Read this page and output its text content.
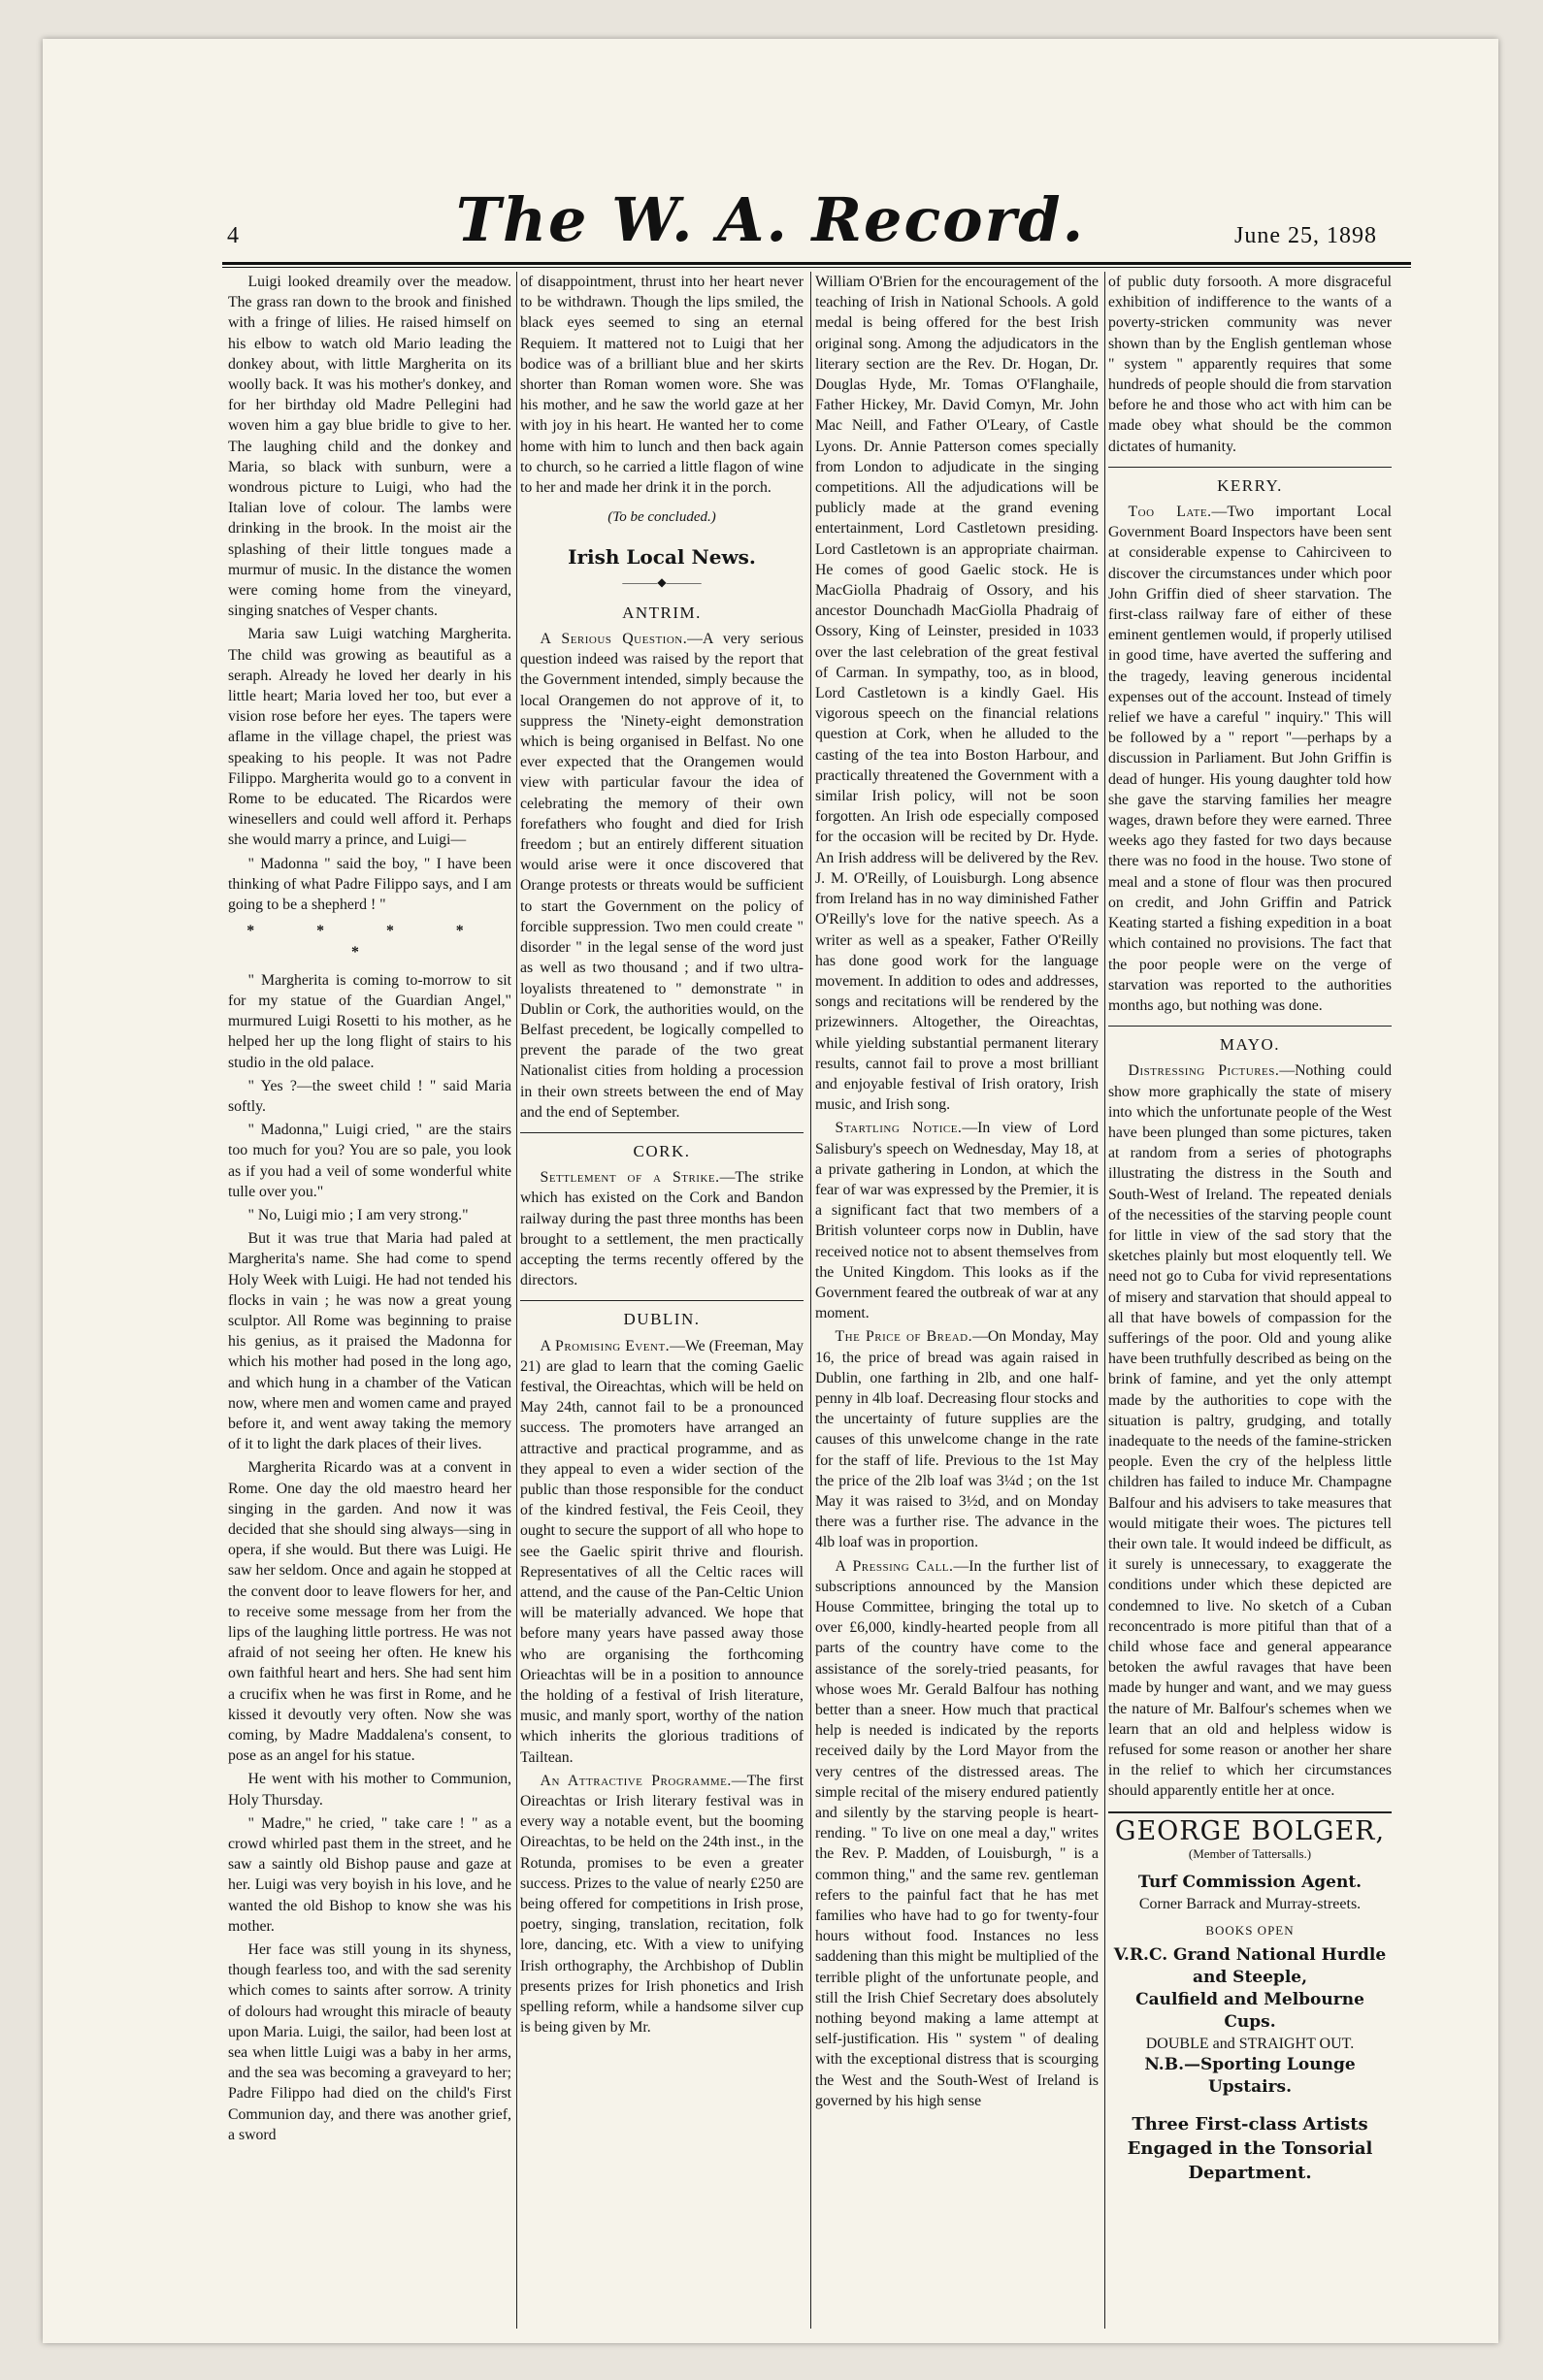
4	The W. A. Record.	June 25, 1898

Luigi looked dreamily over the meadow. The grass ran down to the brook and finished with a fringe of lilies. He raised himself on his elbow to watch old Mario leading the donkey about, with little Margherita on its woolly back. It was his mother's donkey, and for her birthday old Madre Pellegini had woven him a gay blue bridle to give to her. The laughing child and the donkey and Maria, so black with sunburn, were a wondrous picture to Luigi, who had the Italian love of colour. The lambs were drinking in the brook. In the moist air the splashing of their little tongues made a murmur of music. In the distance the women were coming home from the vineyard, singing snatches of Vesper chants.

Maria saw Luigi watching Margherita. The child was growing as beautiful as a seraph. Already he loved her dearly in his little heart; Maria loved her too, but ever a vision rose before her eyes. The tapers were aflame in the village chapel, the priest was speaking to his people. It was not Padre Filippo. Margherita would go to a convent in Rome to be educated. The Ricardos were winesellers and could well afford it. Perhaps she would marry a prince, and Luigi—

" Madonna " said the boy, " I have been thinking of what Padre Filippo says, and I am going to be a shepherd ! "

* * * * *

" Margherita is coming to-morrow to sit for my statue of the Guardian Angel," murmured Luigi Rosetti to his mother, as he helped her up the long flight of stairs to his studio in the old palace.

" Yes ?—the sweet child ! " said Maria softly.

" Madonna," Luigi cried, " are the stairs too much for you? You are so pale, you look as if you had a veil of some wonderful white tulle over you."

" No, Luigi mio ; I am very strong."

But it was true that Maria had paled at Margherita's name. She had come to spend Holy Week with Luigi. He had not tended his flocks in vain ; he was now a great young sculptor. All Rome was beginning to praise his genius, as it praised the Madonna for which his mother had posed in the long ago, and which hung in a chamber of the Vatican now, where men and women came and prayed before it, and went away taking the memory of it to light the dark places of their lives.

Margherita Ricardo was at a convent in Rome. One day the old maestro heard her singing in the garden. And now it was decided that she should sing always—sing in opera, if she would. But there was Luigi. He saw her seldom. Once and again he stopped at the convent door to leave flowers for her, and to receive some message from her from the lips of the laughing little portress. He was not afraid of not seeing her often. He knew his own faithful heart and hers. She had sent him a crucifix when he was first in Rome, and he kissed it devoutly very often. Now she was coming, by Madre Maddalena's consent, to pose as an angel for his statue.

He went with his mother to Communion, Holy Thursday.

" Madre," he cried, " take care ! " as a crowd whirled past them in the street, and he saw a saintly old Bishop pause and gaze at her. Luigi was very boyish in his love, and he wanted the old Bishop to know she was his mother.

Her face was still young in its shyness, though fearless too, and with the sad serenity which comes to saints after sorrow. A trinity of dolours had wrought this miracle of beauty upon Maria. Luigi, the sailor, had been lost at sea when little Luigi was a baby in her arms, and the sea was becoming a graveyard to her; Padre Filippo had died on the child's First Communion day, and there was another grief, a sword

of disappointment, thrust into her heart never to be withdrawn. Though the lips smiled, the black eyes seemed to sing an eternal Requiem. It mattered not to Luigi that her bodice was of a brilliant blue and her skirts shorter than Roman women wore. She was his mother, and he saw the world gaze at her with joy in his heart. He wanted her to come home with him to lunch and then back again to church, so he carried a little flagon of wine to her and made her drink it in the porch.

(To be concluded.)
Irish Local News.
———◆———
ANTRIM.

A Serious Question.—A very serious question indeed was raised by the report that the Government intended, simply because the local Orangemen do not approve of it, to suppress the 'Ninety-eight demonstration which is being organised in Belfast. No one ever expected that the Orangemen would view with particular favour the idea of celebrating the memory of their own forefathers who fought and died for Irish freedom ; but an entirely different situation would arise were it once discovered that Orange protests or threats would be sufficient to start the Government on the policy of forcible suppression. Two men could create " disorder " in the legal sense of the word just as well as two thousand ; and if two ultra-loyalists threatened to " demonstrate " in Dublin or Cork, the authorities would, on the Belfast precedent, be logically compelled to prevent the parade of the two great Nationalist cities from holding a procession in their own streets between the end of May and the end of September.

CORK.

Settlement of a Strike.—The strike which has existed on the Cork and Bandon railway during the past three months has been brought to a settlement, the men practically accepting the terms recently offered by the directors.

DUBLIN.

A Promising Event.—We (Freeman, May 21) are glad to learn that the coming Gaelic festival, the Oireachtas, which will be held on May 24th, cannot fail to be a pronounced success. The promoters have arranged an attractive and practical programme, and as they appeal to even a wider section of the public than those responsible for the conduct of the kindred festival, the Feis Ceoil, they ought to secure the support of all who hope to see the Gaelic spirit thrive and flourish. Representatives of all the Celtic races will attend, and the cause of the Pan-Celtic Union will be materially advanced. We hope that before many years have passed away those who are organising the forthcoming Orieachtas will be in a position to announce the holding of a festival of Irish literature, music, and manly sport, worthy of the nation which inherits the glorious traditions of Tailtean.

An Attractive Programme.—The first Oireachtas or Irish literary festival was in every way a notable event, but the booming Oireachtas, to be held on the 24th inst., in the Rotunda, promises to be even a greater success. Prizes to the value of nearly £250 are being offered for competitions in Irish prose, poetry, singing, translation, recitation, folk lore, dancing, etc. With a view to unifying Irish orthography, the Archbishop of Dublin presents prizes for Irish phonetics and Irish spelling reform, while a handsome silver cup is being given by Mr.

William O'Brien for the encouragement of the teaching of Irish in National Schools. A gold medal is being offered for the best Irish original song. Among the adjudicators in the literary section are the Rev. Dr. Hogan, Dr. Douglas Hyde, Mr. Tomas O'Flanghaile, Father Hickey, Mr. David Comyn, Mr. John Mac Neill, and Father O'Leary, of Castle Lyons. Dr. Annie Patterson comes specially from London to adjudicate in the singing competitions. All the adjudications will be publicly made at the grand evening entertainment, Lord Castletown presiding. Lord Castletown is an appropriate chairman. He comes of good Gaelic stock. He is MacGiolla Phadraig of Ossory, and his ancestor Dounchadh MacGiolla Phadraig of Ossory, King of Leinster, presided in 1033 over the last celebration of the great festival of Carman. In sympathy, too, as in blood, Lord Castletown is a kindly Gael. His vigorous speech on the financial relations question at Cork, when he alluded to the casting of the tea into Boston Harbour, and practically threatened the Government with a similar Irish policy, will not be soon forgotten. An Irish ode especially composed for the occasion will be recited by Dr. Hyde. An Irish address will be delivered by the Rev. J. M. O'Reilly, of Louisburgh. Long absence from Ireland has in no way diminished Father O'Reilly's love for the native speech. As a writer as well as a speaker, Father O'Reilly has done good work for the language movement. In addition to odes and addresses, songs and recitations will be rendered by the prizewinners. Altogether, the Oireachtas, while yielding substantial permanent literary results, cannot fail to prove a most brilliant and enjoyable festival of Irish oratory, Irish music, and Irish song.

Startling Notice.—In view of Lord Salisbury's speech on Wednesday, May 18, at a private gathering in London, at which the fear of war was expressed by the Premier, it is a significant fact that two members of a British volunteer corps now in Dublin, have received notice not to absent themselves from the United Kingdom. This looks as if the Government feared the outbreak of war at any moment.

The Price of Bread.—On Monday, May 16, the price of bread was again raised in Dublin, one farthing in 2lb, and one half-penny in 4lb loaf. Decreasing flour stocks and the uncertainty of future supplies are the causes of this unwelcome change in the rate for the staff of life. Previous to the 1st May the price of the 2lb loaf was 3¼d ; on the 1st May it was raised to 3½d, and on Monday there was a further rise. The advance in the 4lb loaf was in proportion.

A Pressing Call.—In the further list of subscriptions announced by the Mansion House Committee, bringing the total up to over £6,000, kindly-hearted people from all parts of the country have come to the assistance of the sorely-tried peasants, for whose woes Mr. Gerald Balfour has nothing better than a sneer. How much that practical help is needed is indicated by the reports received daily by the Lord Mayor from the very centres of the distressed areas. The simple recital of the misery endured patiently and silently by the starving people is heart-rending. " To live on one meal a day," writes the Rev. P. Madden, of Louisburgh, " is a common thing," and the same rev. gentleman refers to the painful fact that he has met families who have had to go for twenty-four hours without food. Instances no less saddening than this might be multiplied of the terrible plight of the unfortunate people, and still the Irish Chief Secretary does absolutely nothing beyond making a lame attempt at self-justification. His " system " of dealing with the exceptional distress that is scourging the West and the South-West of Ireland is governed by his high sense

of public duty forsooth. A more disgraceful exhibition of indifference to the wants of a poverty-stricken community was never shown than by the English gentleman whose " system " apparently requires that some hundreds of people should die from starvation before he and those who act with him can be made obey what should be the common dictates of humanity.

KERRY.

Too Late.—Two important Local Government Board Inspectors have been sent at considerable expense to Cahirciveen to discover the circumstances under which poor John Griffin died of sheer starvation. The first-class railway fare of either of these eminent gentlemen would, if properly utilised in good time, have averted the suffering and the tragedy, leaving generous incidental expenses out of the account. Instead of timely relief we have a careful " inquiry." This will be followed by a " report "—perhaps by a discussion in Parliament. But John Griffin is dead of hunger. His young daughter told how she gave the starving families her meagre wages, drawn before they were earned. Three weeks ago they fasted for two days because there was no food in the house. Two stone of meal and a stone of flour was then procured on credit, and John Griffin and Patrick Keating started a fishing expedition in a boat which contained no provisions. The fact that the poor people were on the verge of starvation was reported to the authorities months ago, but nothing was done.

MAYO.

Distressing Pictures.—Nothing could show more graphically the state of misery into which the unfortunate people of the West have been plunged than some pictures, taken at random from a series of photographs illustrating the distress in the South and South-West of Ireland. The repeated denials of the necessities of the starving people count for little in view of the sad story that the sketches plainly but most eloquently tell. We need not go to Cuba for vivid representations of misery and starvation that should appeal to all that have bowels of compassion for the sufferings of the poor. Old and young alike have been truthfully described as being on the brink of famine, and yet the only attempt made by the authorities to cope with the situation is paltry, grudging, and totally inadequate to the needs of the famine-stricken people. Even the cry of the helpless little children has failed to induce Mr. Champagne Balfour and his advisers to take measures that would mitigate their woes. The pictures tell their own tale. It would indeed be difficult, as it surely is unnecessary, to exaggerate the conditions under which these depicted are condemned to live. No sketch of a Cuban reconcentrado is more pitiful than that of a child whose face and general appearance betoken the awful ravages that have been made by hunger and want, and we may guess the nature of Mr. Balfour's schemes when we learn that an old and helpless widow is refused for some reason or another her share in the relief to which her circumstances should apparently entitle her at once.

GEORGE BOLGER,
(Member of Tattersalls.)
Turf Commission Agent.
Corner Barrack and Murray-streets.
BOOKS OPEN
V.R.C. Grand National Hurdle and Steeple,
Caulfield and Melbourne Cups.
DOUBLE and STRAIGHT OUT.
N.B.—Sporting Lounge Upstairs.
Three First-class Artists Engaged in the Tonsorial Department.
